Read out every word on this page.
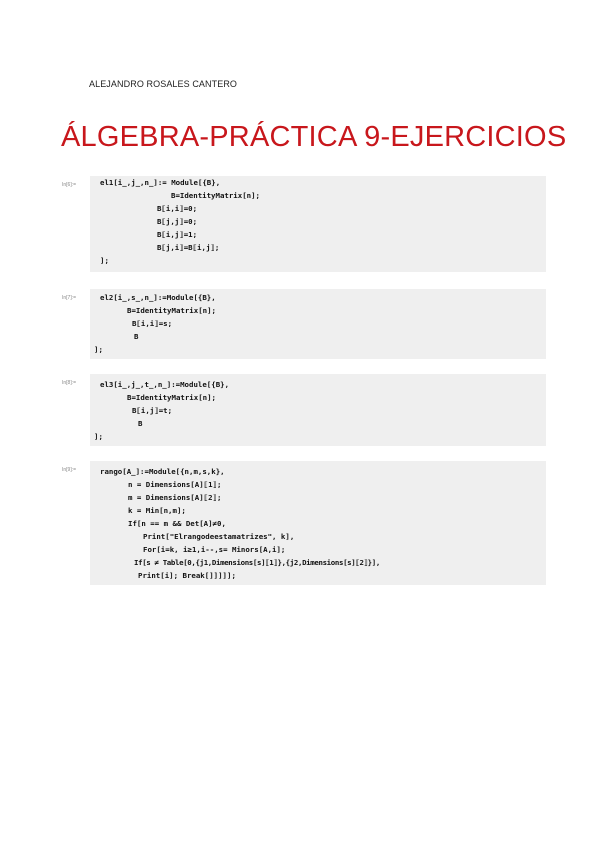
ALEJANDRO ROSALES CANTERO
ÁLGEBRA-PRÁCTICA 9-EJERCICIOS
In[6]:=	el1[i_,j_,n_]:= Module[{B},
B=IdentityMatrix[n];
B⟦i,i⟧=0;
B⟦j,j⟧=0;
B⟦i,j⟧=1;
B⟦j,i⟧=B⟦i,j⟧;
];
In[7]:=	el2[i_,s_,n_]:=Module[{B},
B=IdentityMatrix[n];
B⟦i,i⟧=s;
B
];
In[8]:=	el3[i_,j_,t_,n_]:=Module[{B},
B=IdentityMatrix[n];
B⟦i,j⟧=t;
B
];
In[9]:=	rango[A_]:=Module[{n,m,s,k},
n = Dimensions[A]⟦1⟧;
m = Dimensions[A]⟦2⟧;
k = Min[n,m];
If[n == m && Det[A]≠0,
Print["Elrangodeestamatrizes", k],
For[i=k, i≥1,i--,s= Minors[A,i];
If[s ≠ Table[0,{j1,Dimensions[s]⟦1⟧},{j2,Dimensions[s]⟦2⟧}],
Print[i]; Break[]]]]];
